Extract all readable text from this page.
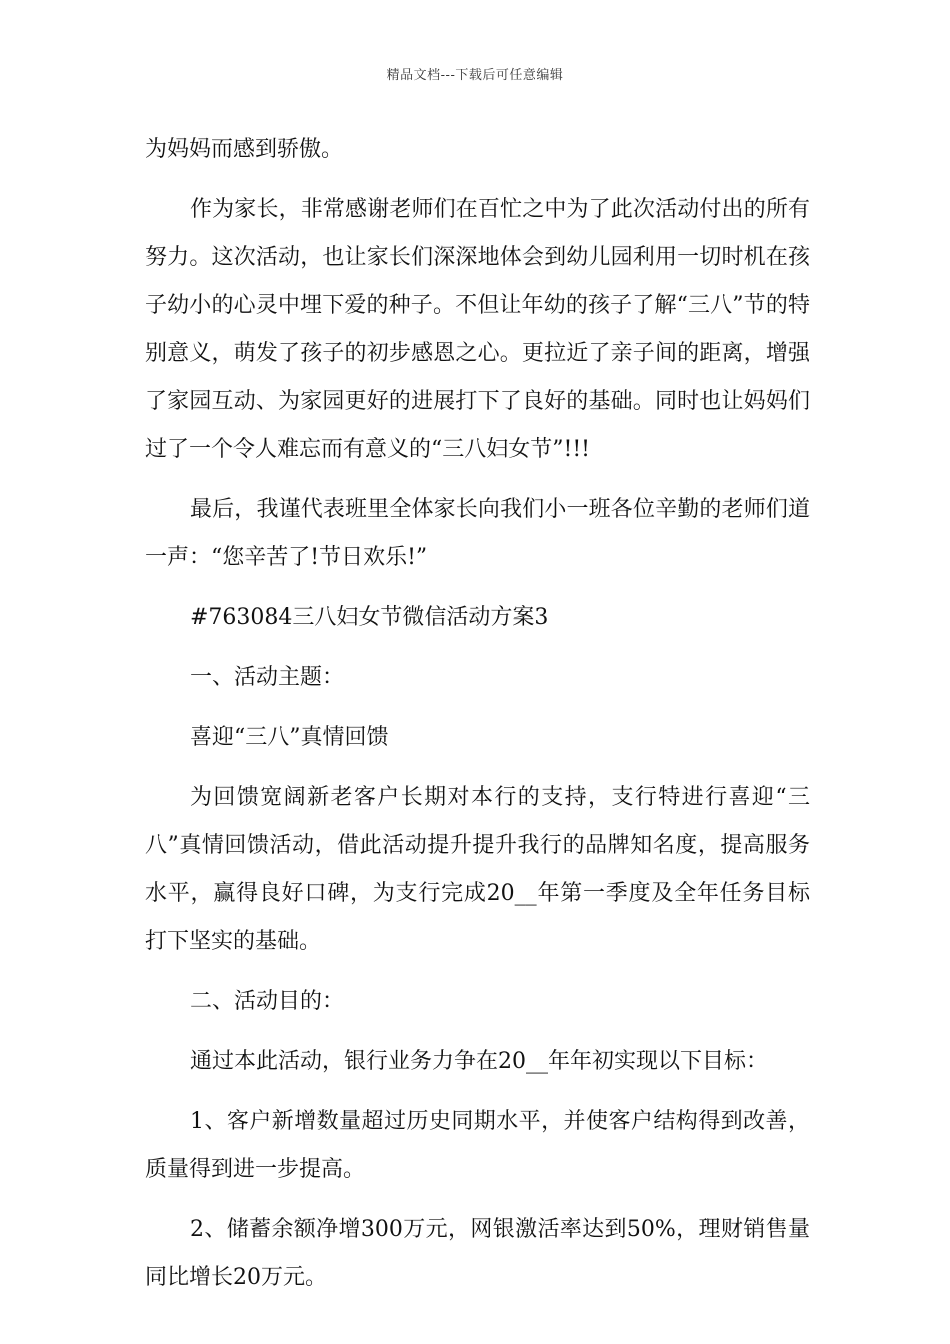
精品文档---下载后可任意编辑

为妈妈而感到骄傲。

作为家长，非常感谢老师们在百忙之中为了此次活动付出的所有努力。这次活动，也让家长们深深地体会到幼儿园利用一切时机在孩子幼小的心灵中埋下爱的种子。不但让年幼的孩子了解“三八”节的特别意义，萌发了孩子的初步感恩之心。更拉近了亲子间的距离，增强了家园互动、为家园更好的进展打下了良好的基础。同时也让妈妈们过了一个令人难忘而有意义的“三八妇女节”!!!

最后，我谨代表班里全体家长向我们小一班各位辛勤的老师们道一声：“您辛苦了!节日欢乐!”

#763084三八妇女节微信活动方案3

一、活动主题：

喜迎“三八”真情回馈

为回馈宽阔新老客户长期对本行的支持，支行特进行喜迎“三八”真情回馈活动，借此活动提升提升我行的品牌知名度，提高服务水平，赢得良好口碑，为支行完成20__年第一季度及全年任务目标打下坚实的基础。

二、活动目的：

通过本此活动，银行业务力争在20__年年初实现以下目标：

1、客户新增数量超过历史同期水平，并使客户结构得到改善，质量得到进一步提高。

2、储蓄余额净增300万元，网银激活率达到50%，理财销售量同比增长20万元。
